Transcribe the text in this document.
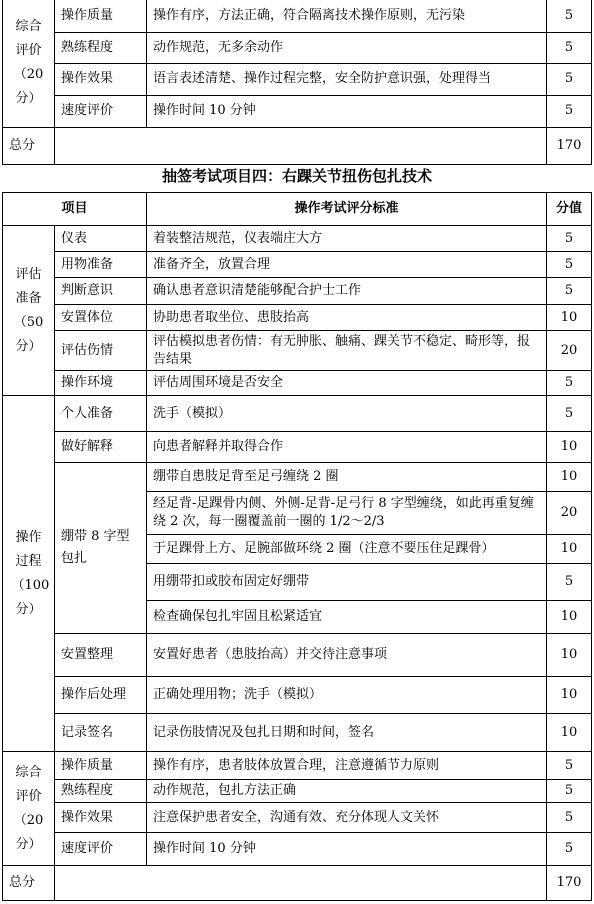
综合评价（20分）	操作质量	操作有序，方法正确，符合隔离技术操作原则，无污染	5
	熟练程度	动作规范，无多余动作	5
	操作效果	语言表述清楚、操作过程完整，安全防护意识强，处理得当	5
	速度评价	操作时间 10 分钟	5
总分			170
抽签考试项目四：右踝关节扭伤包扎技术
项目		操作考试评分标准	分值
评估准备（50分）	仪表	着装整洁规范，仪表端庄大方	5
	用物准备	准备齐全，放置合理	5
	判断意识	确认患者意识清楚能够配合护士工作	5
	安置体位	协助患者取坐位、患肢抬高	10
	评估伤情	评估模拟患者伤情：有无肿胀、触痛、踝关节不稳定、畸形等，报告结果	20
	操作环境	评估周围环境是否安全	5
操作过程（100分）	个人准备	洗手（模拟）	5
	做好解释	向患者解释并取得合作	10
	绷带 8 字型包扎	绷带自患肢足背至足弓缠绕 2 圈	10
		经足背-足踝骨内侧、外侧-足背-足弓行 8 字型缠绕，如此再重复缠绕 2 次，每一圈覆盖前一圈的 1/2～2/3	20
		于足踝骨上方、足腕部做环绕 2 圈（注意不要压住足踝骨）	10
		用绷带扣或胶布固定好绷带	5
		检查确保包扎牢固且松紧适宜	10
	安置整理	安置好患者（患肢抬高）并交待注意事项	10
	操作后处理	正确处理用物；洗手（模拟）	10
	记录签名	记录伤肢情况及包扎日期和时间，签名	10
综合评价（20分）	操作质量	操作有序，患者肢体放置合理，注意遵循节力原则	5
	熟练程度	动作规范，包扎方法正确	5
	操作效果	注意保护患者安全，沟通有效、充分体现人文关怀	5
	速度评价	操作时间 10 分钟	5
总分			170
